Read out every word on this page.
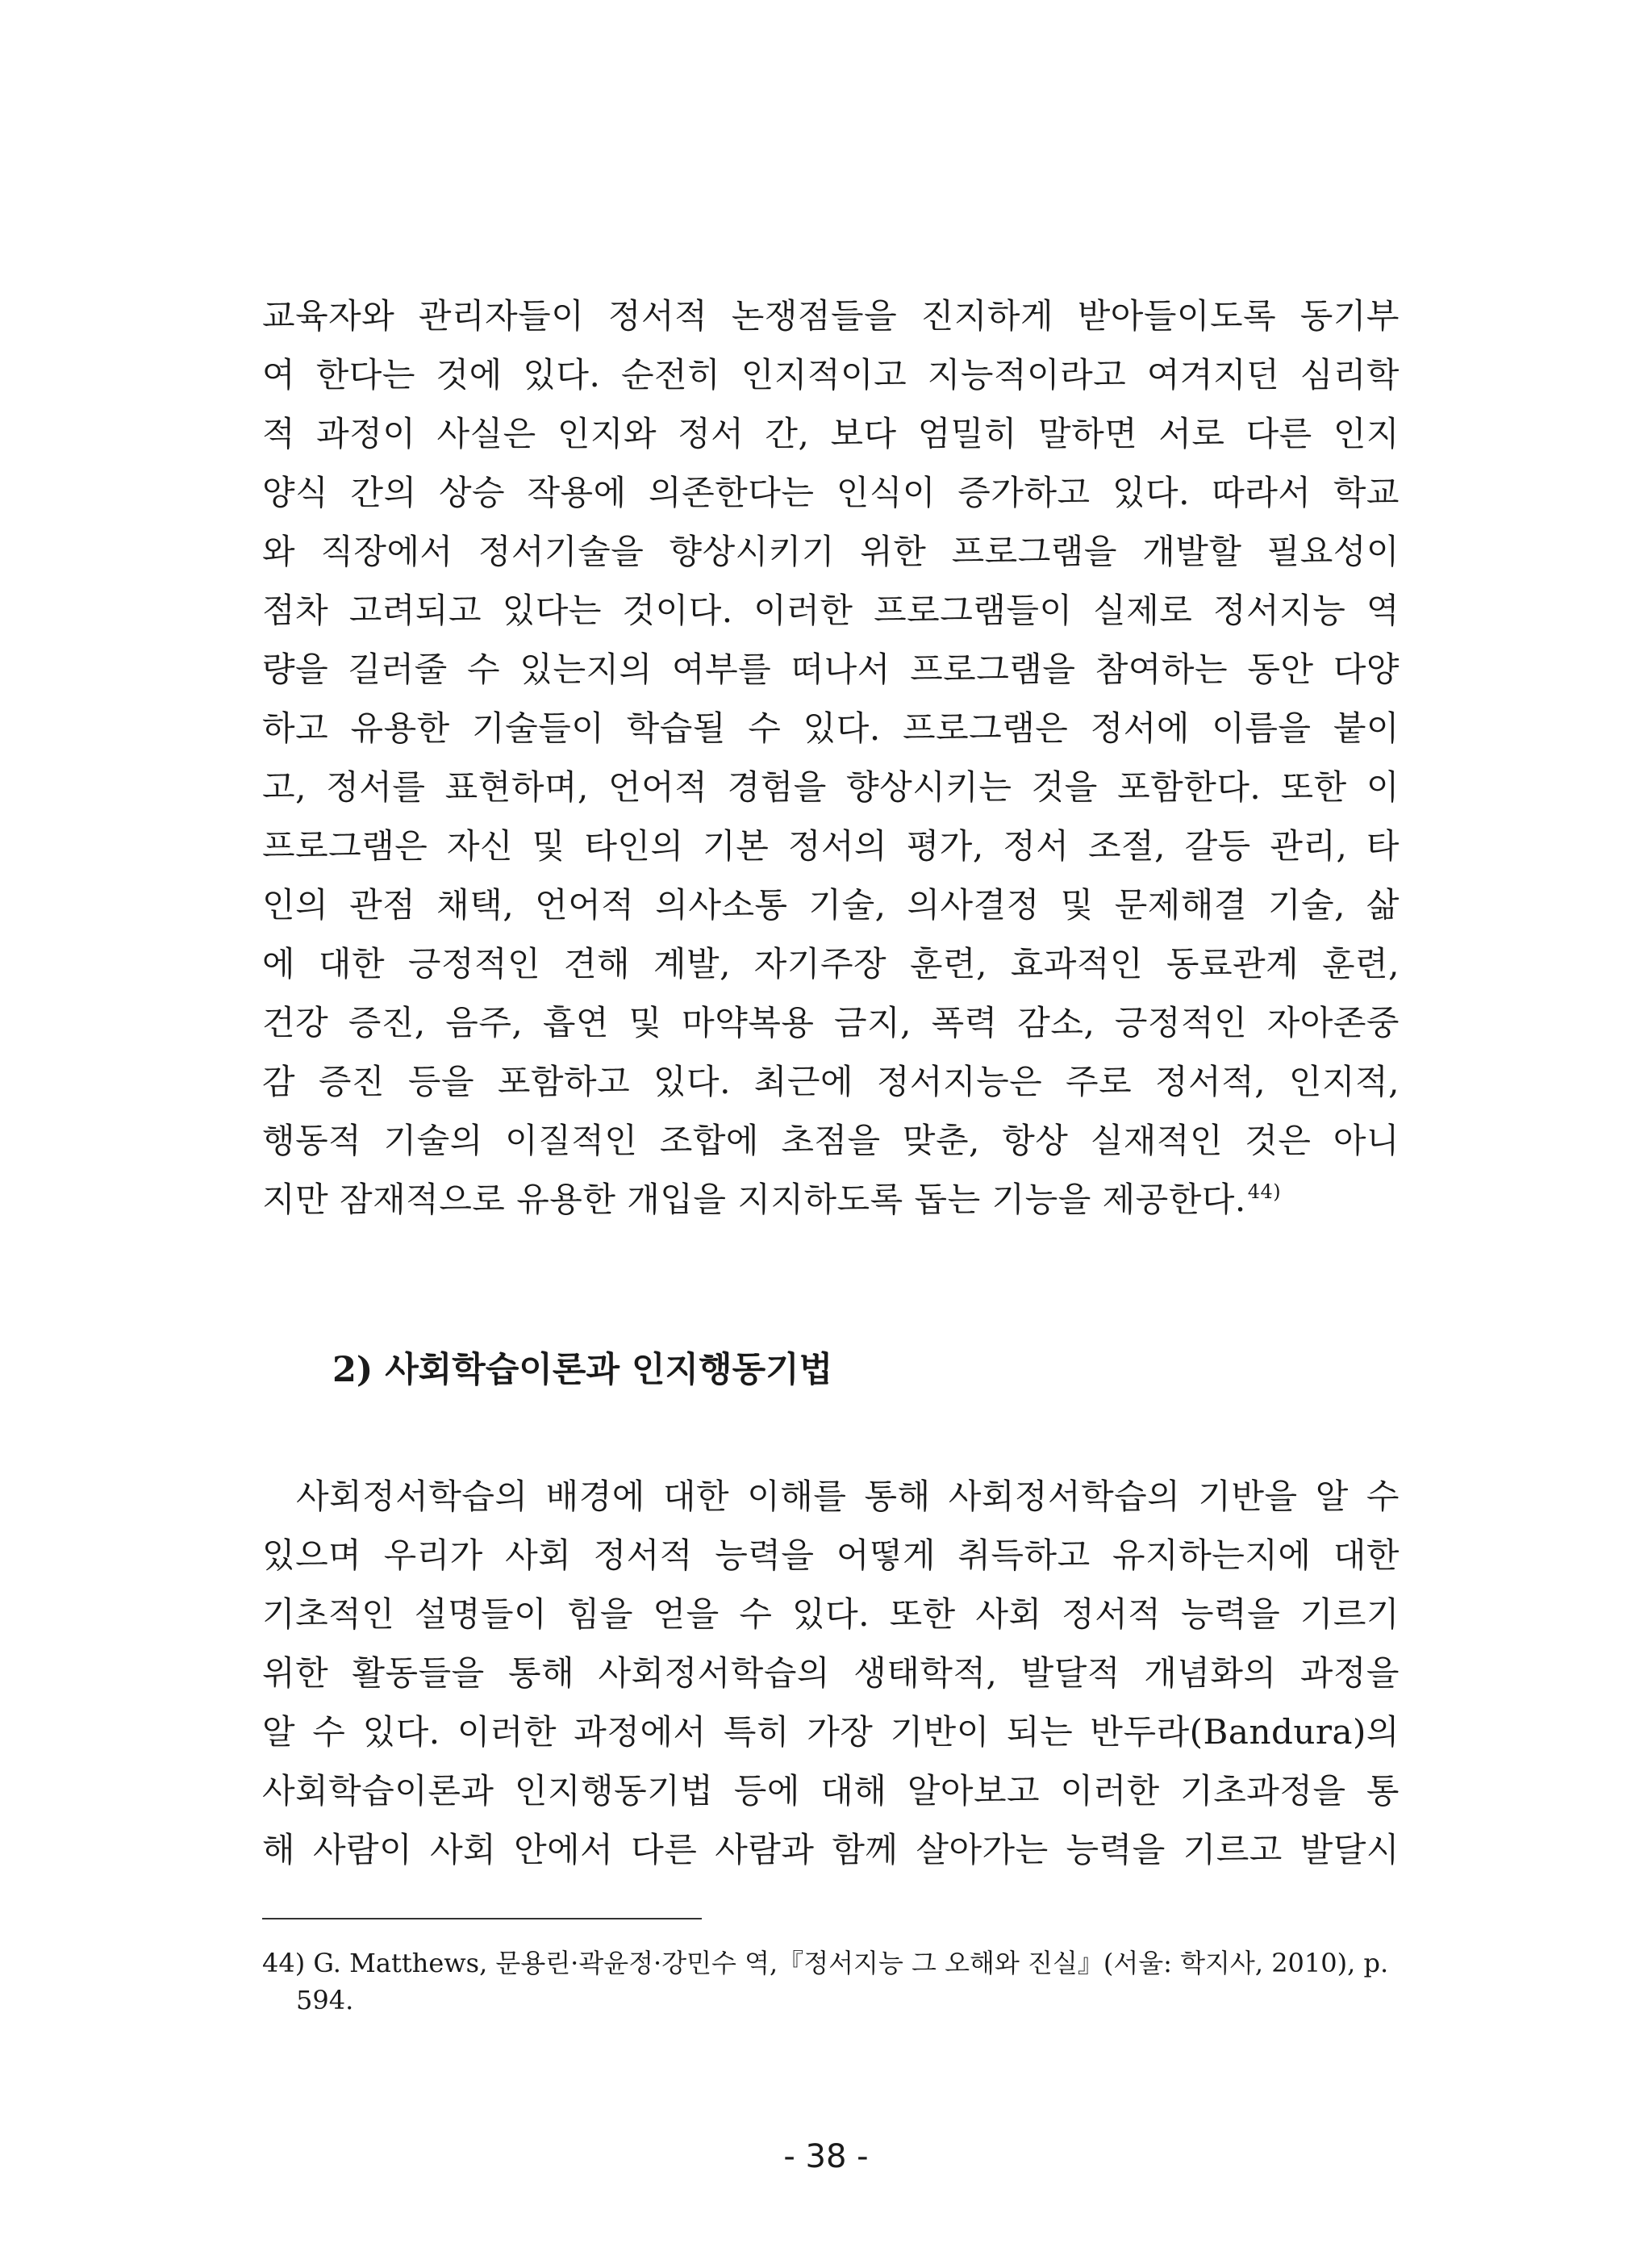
교육자와 관리자들이 정서적 논쟁점들을 진지하게 받아들이도록 동기부
여 한다는 것에 있다. 순전히 인지적이고 지능적이라고 여겨지던 심리학
적 과정이 사실은 인지와 정서 간, 보다 엄밀히 말하면 서로 다른 인지
양식 간의 상승 작용에 의존한다는 인식이 증가하고 있다. 따라서 학교
와 직장에서 정서기술을 향상시키기 위한 프로그램을 개발할 필요성이
점차 고려되고 있다는 것이다. 이러한 프로그램들이 실제로 정서지능 역
량을 길러줄 수 있는지의 여부를 떠나서 프로그램을 참여하는 동안 다양
하고 유용한 기술들이 학습될 수 있다. 프로그램은 정서에 이름을 붙이
고, 정서를 표현하며, 언어적 경험을 향상시키는 것을 포함한다. 또한 이
프로그램은 자신 및 타인의 기본 정서의 평가, 정서 조절, 갈등 관리, 타
인의 관점 채택, 언어적 의사소통 기술, 의사결정 및 문제해결 기술, 삶
에 대한 긍정적인 견해 계발, 자기주장 훈련, 효과적인 동료관계 훈련,
건강 증진, 음주, 흡연 및 마약복용 금지, 폭력 감소, 긍정적인 자아존중
감 증진 등을 포함하고 있다. 최근에 정서지능은 주로 정서적, 인지적,
행동적 기술의 이질적인 조합에 초점을 맞춘, 항상 실재적인 것은 아니
지만 잠재적으로 유용한 개입을 지지하도록 돕는 기능을 제공한다.$^{44)}$
2) 사회학습이론과 인지행동기법
사회정서학습의 배경에 대한 이해를 통해 사회정서학습의 기반을 알 수
있으며 우리가 사회 정서적 능력을 어떻게 취득하고 유지하는지에 대한
기초적인 설명들이 힘을 얻을 수 있다. 또한 사회 정서적 능력을 기르기
위한 활동들을 통해 사회정서학습의 생태학적, 발달적 개념화의 과정을
알 수 있다. 이러한 과정에서 특히 가장 기반이 되는 반두라(Bandura)의
사회학습이론과 인지행동기법 등에 대해 알아보고 이러한 기초과정을 통
해 사람이 사회 안에서 다른 사람과 함께 살아가는 능력을 기르고 발달시
44) G. Matthews, 문용린·곽윤정·강민수 역,『정서지능 그 오해와 진실』(서울: 학지사, 2010), p.
594.

- 38 -
